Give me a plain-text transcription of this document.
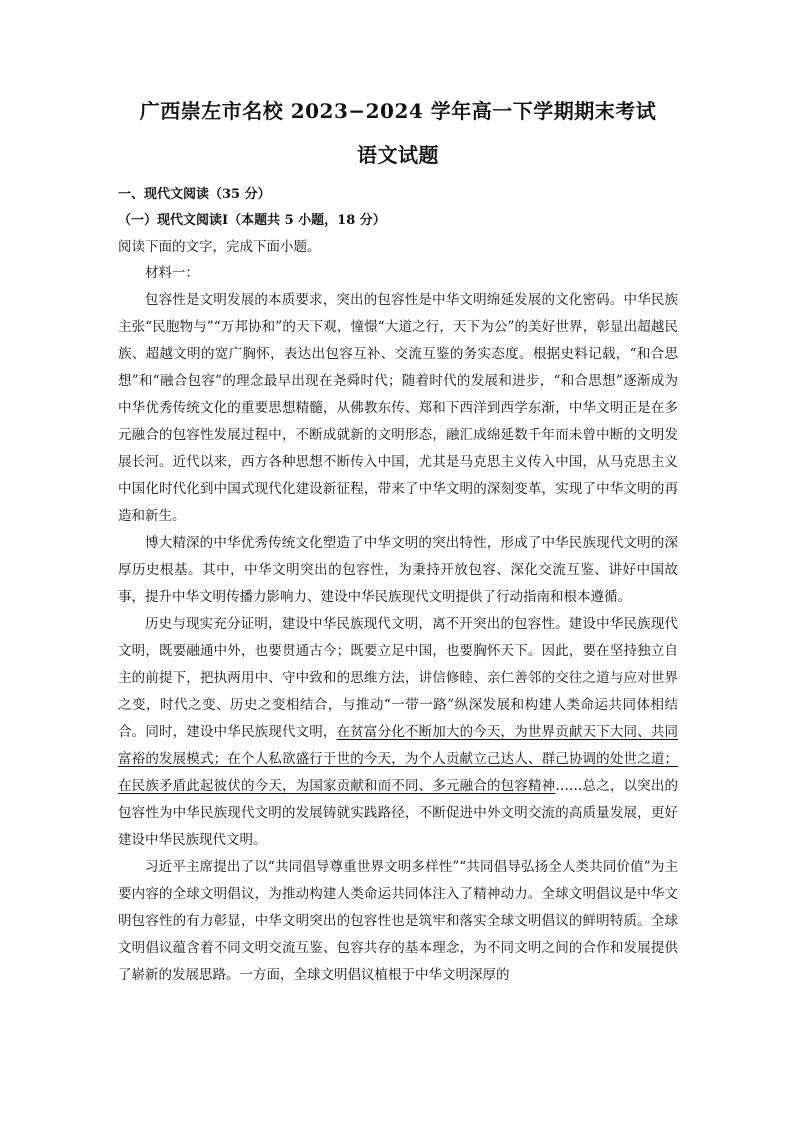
广西崇左市名校 2023−2024 学年高一下学期期末考试
语文试题
一、现代文阅读（35 分）
（一）现代文阅读Ⅰ（本题共 5 小题，18 分）
阅读下面的文字，完成下面小题。

材料一：

包容性是文明发展的本质要求，突出的包容性是中华文明绵延发展的文化密码。中华民族主张“民胞物与”“万邦协和”的天下观，憧憬“大道之行，天下为公”的美好世界，彰显出超越民族、超越文明的宽广胸怀，表达出包容互补、交流互鉴的务实态度。根据史料记载，“和合思想”和“融合包容”的理念最早出现在尧舜时代；随着时代的发展和进步，“和合思想”逐渐成为中华优秀传统文化的重要思想精髓，从佛教东传、郑和下西洋到西学东渐，中华文明正是在多元融合的包容性发展过程中，不断成就新的文明形态，融汇成绵延数千年而未曾中断的文明发展长河。近代以来，西方各种思想不断传入中国，尤其是马克思主义传入中国，从马克思主义中国化时代化到中国式现代化建设新征程，带来了中华文明的深刻变革，实现了中华文明的再造和新生。

博大精深的中华优秀传统文化塑造了中华文明的突出特性，形成了中华民族现代文明的深厚历史根基。其中，中华文明突出的包容性，为秉持开放包容、深化交流互鉴、讲好中国故事，提升中华文明传播力影响力、建设中华民族现代文明提供了行动指南和根本遵循。

历史与现实充分证明，建设中华民族现代文明，离不开突出的包容性。建设中华民族现代文明，既要融通中外，也要贯通古今；既要立足中国，也要胸怀天下。因此，要在坚持独立自主的前提下，把执两用中、守中致和的思维方法，讲信修睦、亲仁善邻的交往之道与应对世界之变，时代之变、历史之变相结合，与推动“一带一路”纵深发展和构建人类命运共同体相结合。同时，建设中华民族现代文明，在贫富分化不断加大的今天，为世界贡献天下大同、共同富裕的发展模式；在个人私欲盛行于世的今天，为个人贡献立己达人、群己协调的处世之道；在民族矛盾此起彼伏的今天，为国家贡献和而不同、多元融合的包容精神……总之，以突出的包容性为中华民族现代文明的发展铸就实践路径，不断促进中外文明交流的高质量发展，更好建设中华民族现代文明。

习近平主席提出了以“共同倡导尊重世界文明多样性”“共同倡导弘扬全人类共同价值”为主要内容的全球文明倡议，为推动构建人类命运共同体注入了精神动力。全球文明倡议是中华文明包容性的有力彰显，中华文明突出的包容性也是筑牢和落实全球文明倡议的鲜明特质。全球文明倡议蕴含着不同文明交流互鉴、包容共存的基本理念，为不同文明之间的合作和发展提供了崭新的发展思路。一方面，全球文明倡议植根于中华文明深厚的
